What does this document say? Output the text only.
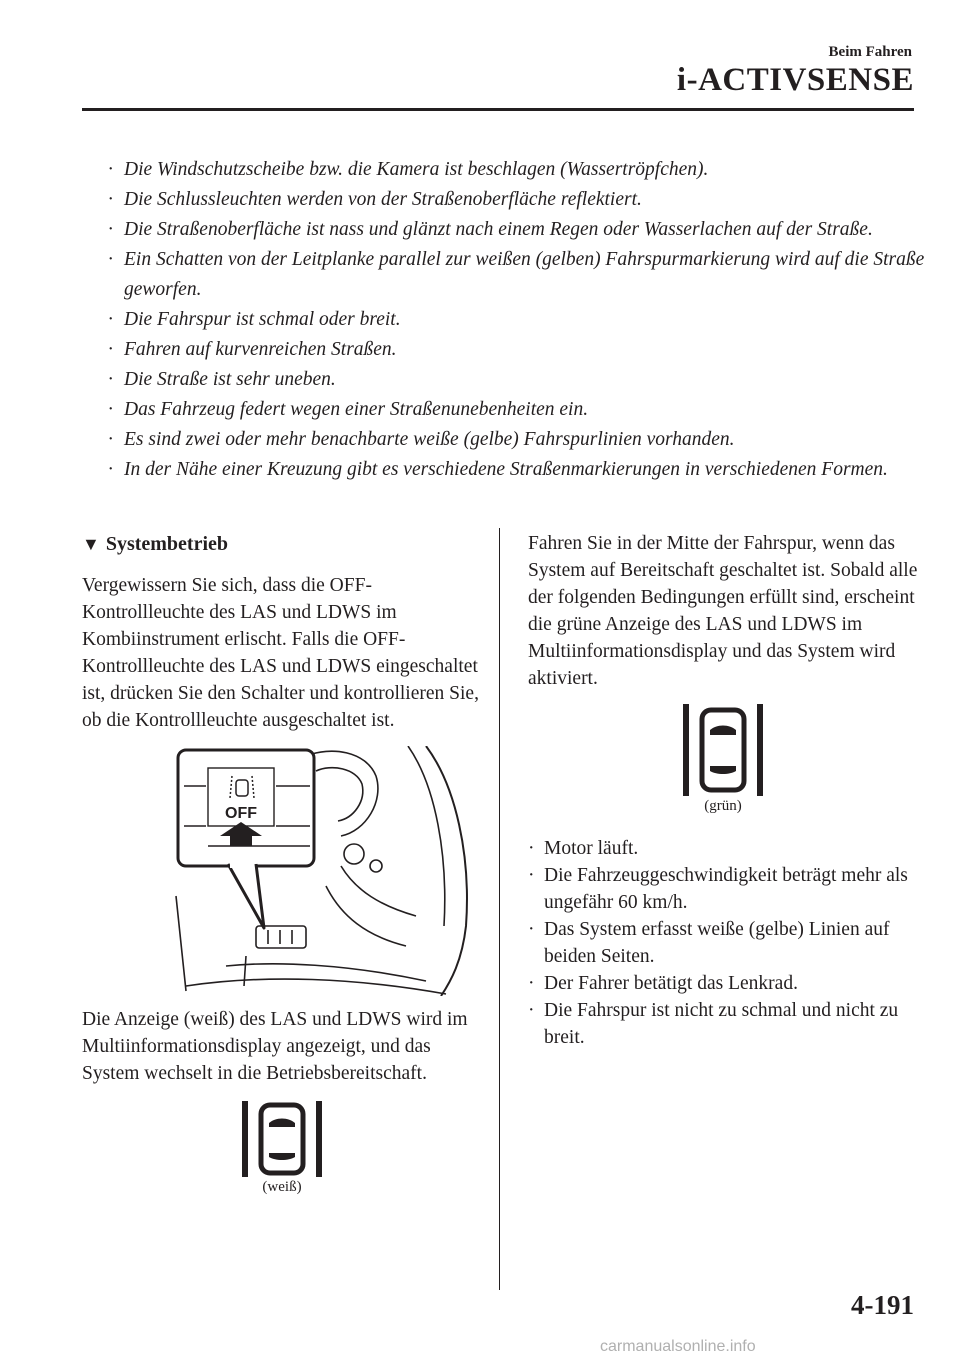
Beim Fahren
i-ACTIVSENSE
· Die Windschutzscheibe bzw. die Kamera ist beschlagen (Wassertröpfchen).
· Die Schlussleuchten werden von der Straßenoberfläche reflektiert.
· Die Straßenoberfläche ist nass und glänzt nach einem Regen oder Wasserlachen auf der Straße.
· Ein Schatten von der Leitplanke parallel zur weißen (gelben) Fahrspurmarkierung wird auf die Straße geworfen.
· Die Fahrspur ist schmal oder breit.
· Fahren auf kurvenreichen Straßen.
· Die Straße ist sehr uneben.
· Das Fahrzeug federt wegen einer Straßenunebenheiten ein.
· Es sind zwei oder mehr benachbarte weiße (gelbe) Fahrspurlinien vorhanden.
· In der Nähe einer Kreuzung gibt es verschiedene Straßenmarkierungen in verschiedenen Formen.
▼ Systembetrieb

Vergewissern Sie sich, dass die OFF-Kontrollleuchte des LAS und LDWS im Kombiinstrument erlischt. Falls die OFF-Kontrollleuchte des LAS und LDWS eingeschaltet ist, drücken Sie den Schalter und kontrollieren Sie, ob die Kontrollleuchte ausgeschaltet ist.

OFF

Die Anzeige (weiß) des LAS und LDWS wird im Multiinformationsdisplay angezeigt, und das System wechselt in die Betriebsbereitschaft.

(weiß)

Fahren Sie in der Mitte der Fahrspur, wenn das System auf Bereitschaft geschaltet ist. Sobald alle der folgenden Bedingungen erfüllt sind, erscheint die grüne Anzeige des LAS und LDWS im Multiinformationsdisplay und das System wird aktiviert.

(grün)
· Motor läuft.
· Die Fahrzeuggeschwindigkeit beträgt mehr als ungefähr 60 km/h.
· Das System erfasst weiße (gelbe) Linien auf beiden Seiten.
· Der Fahrer betätigt das Lenkrad.
· Die Fahrspur ist nicht zu schmal und nicht zu breit.
4-191
carmanualsonline.info
